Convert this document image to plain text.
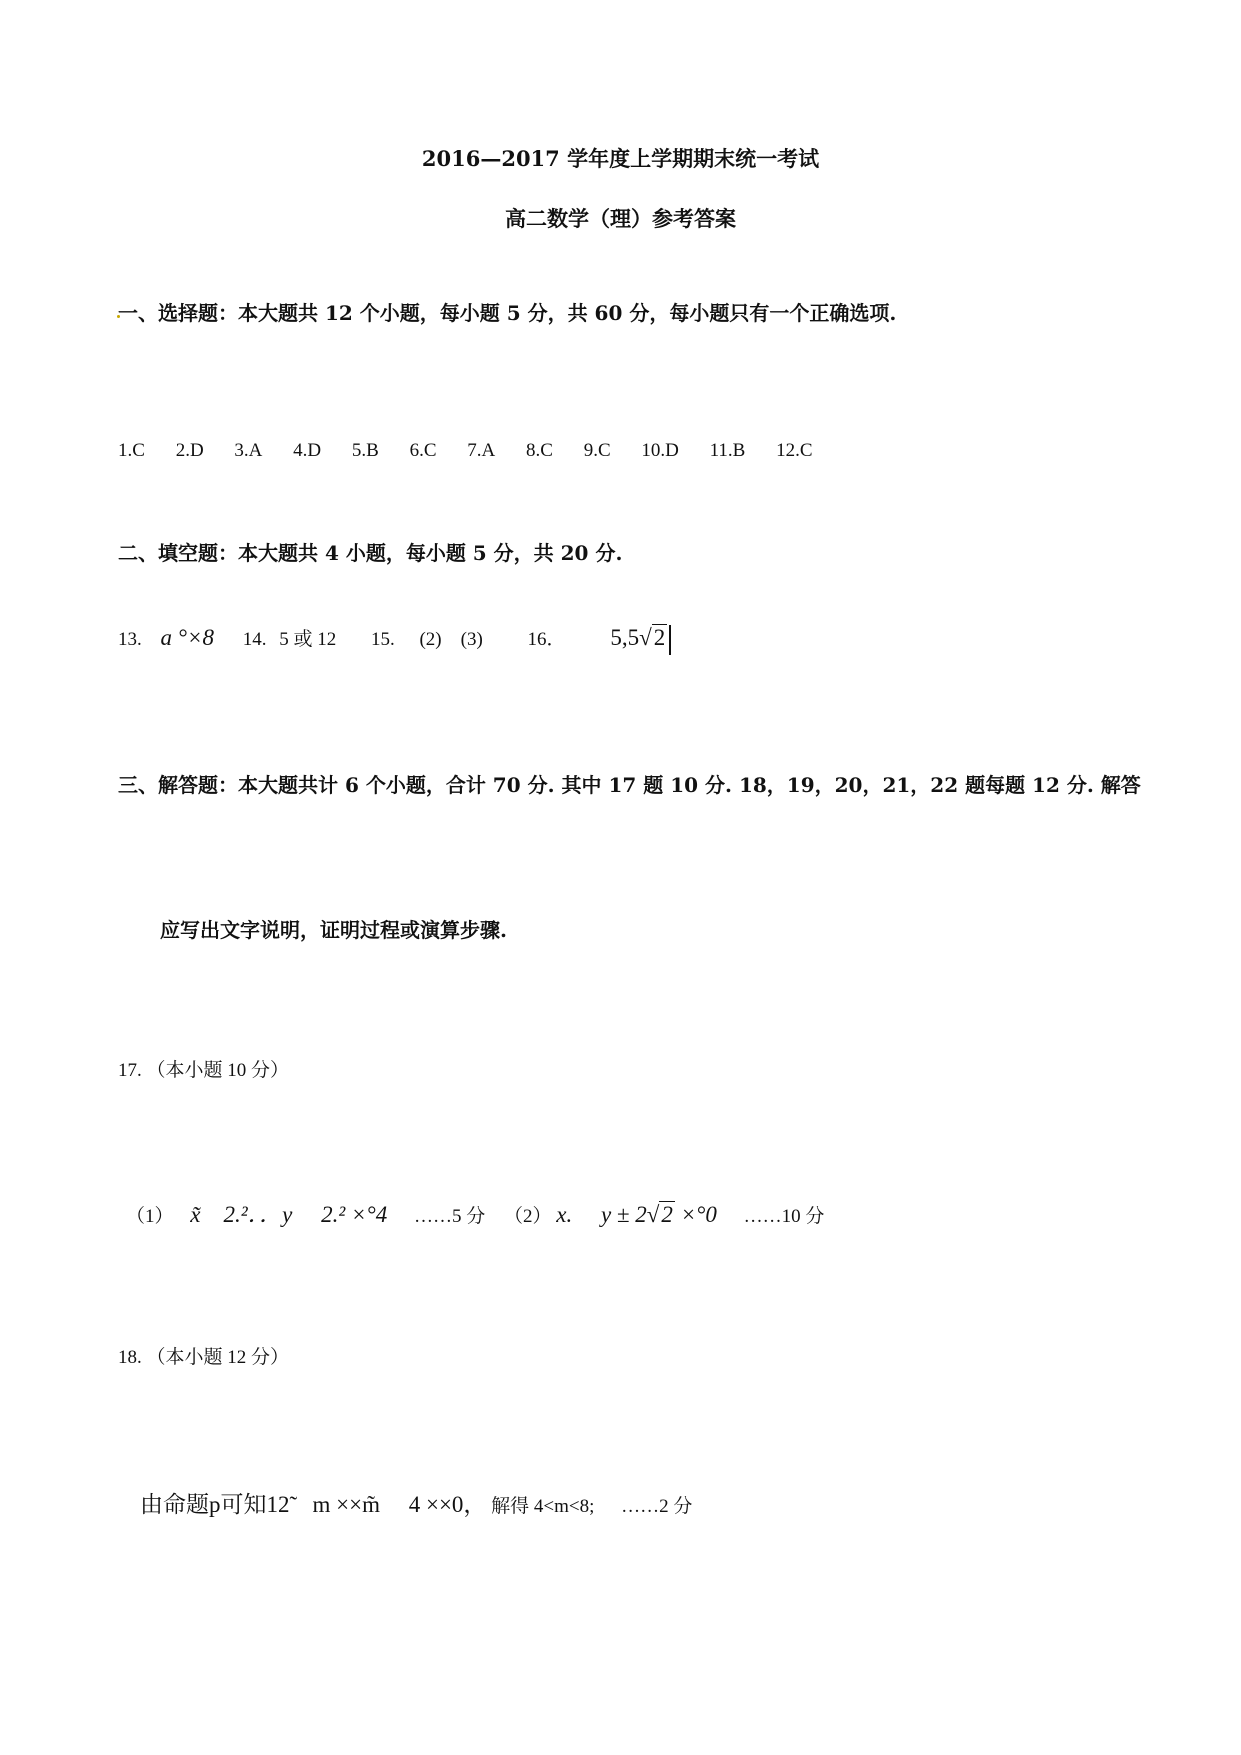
2016—2017 学年度上学期期末统一考试
高二数学（理）参考答案
一、选择题：本大题共 12 个小题，每小题 5 分，共 60 分，每小题只有一个正确选项.
1.C 2.D 3.A 4.D 5.B 6.C 7.A 8.C 9.C 10.D 11.B 12.C
二、填空题：本大题共 4 小题，每小题 5 分，共 20 分.
13. a °×8 14. 5 或 12 15. (2)　(3) 16． 5,5√2
三、解答题：本大题共计 6 个小题，合计 70 分. 其中 17 题 10 分. 18，19，20，21，22 题每题 12 分. 解答
应写出文字说明，证明过程或演算步骤.
17. （本小题 10 分）
（1） x̃ 2.²．．y  2.² ×°4 ……5 分 （2） x.  y ± 2√2 ×°0 ……10 分
18. （本小题 12 分）
由命题p可知12̃ m ××m̃  4 ××0， 解得 4<m<8; ……2 分
